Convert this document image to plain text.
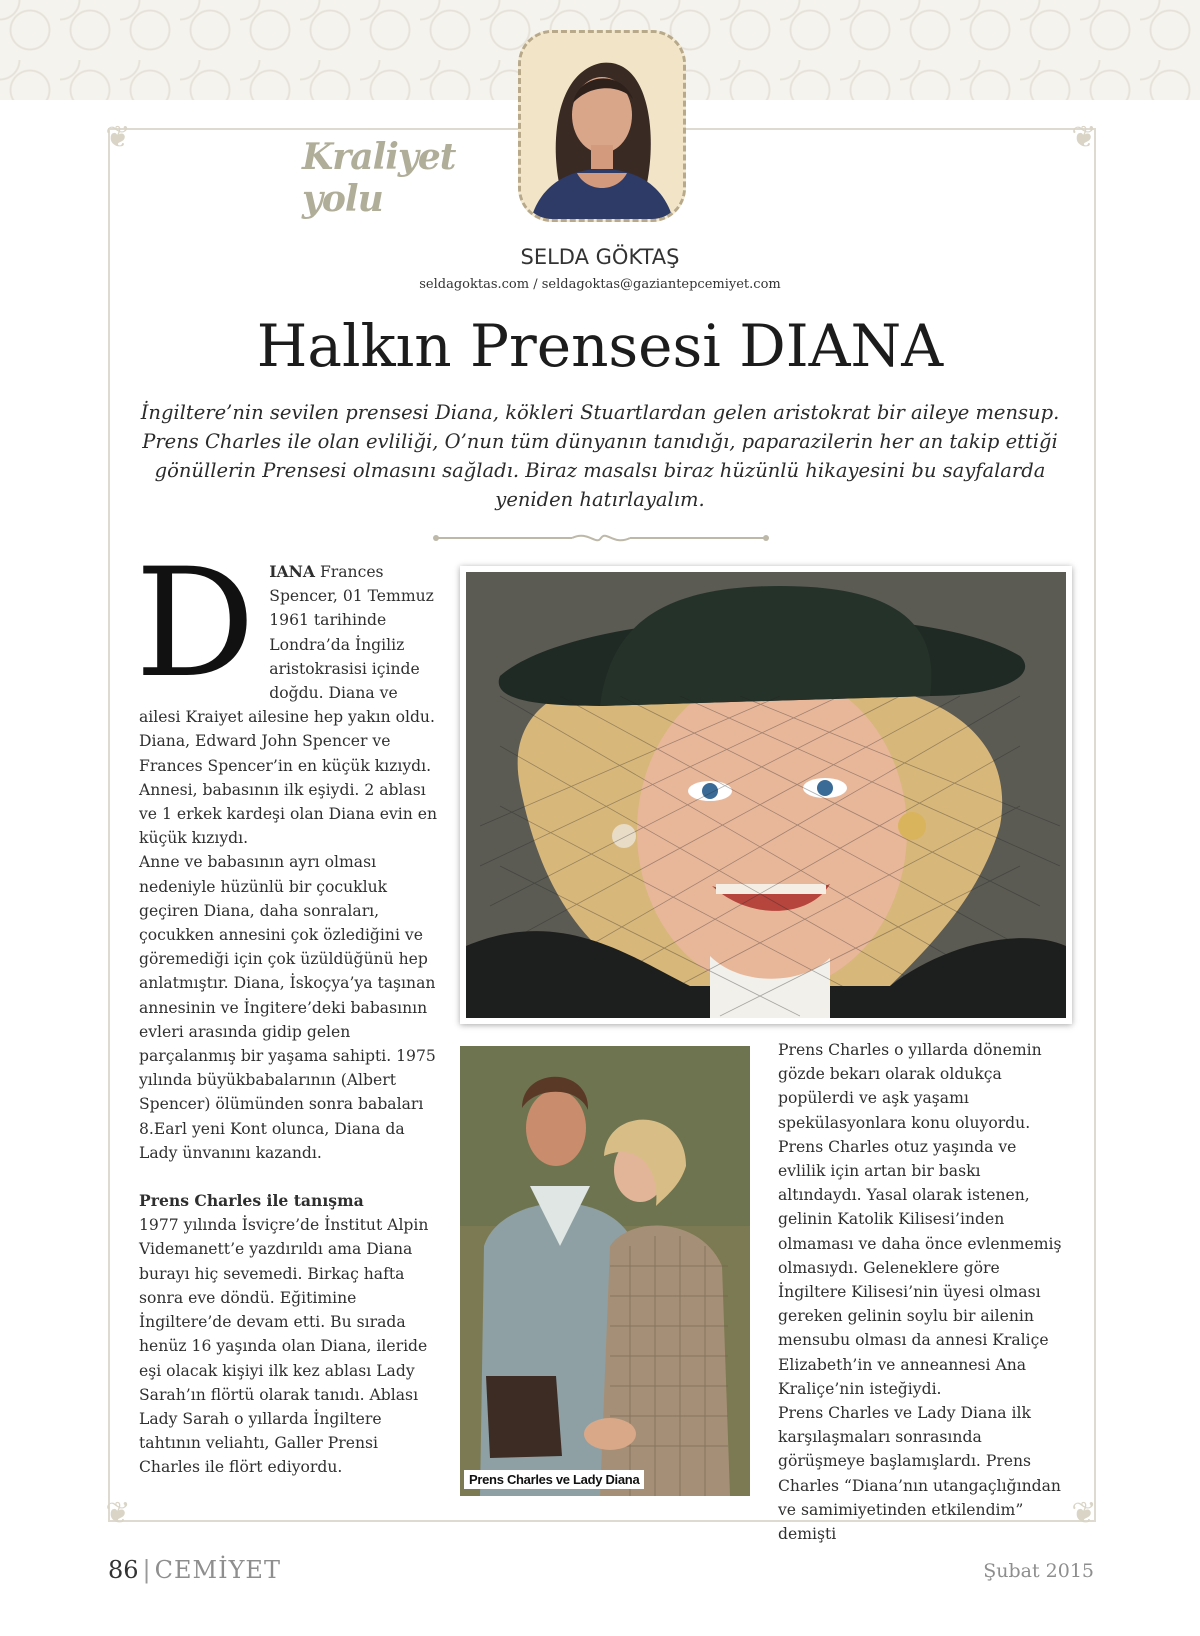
❦	❦
❦	❦
Kraliyet yolu
SELDA GÖKTAŞ
seldagoktas.com / seldagoktas@gaziantepcemiyet.com
Halkın Prensesi DIANA
İngiltere’nin sevilen prensesi Diana, kökleri Stuartlardan gelen aristokrat bir aileye mensup. Prens Charles ile olan evliliği, O’nun tüm dünyanın tanıdığı, paparazilerin her an takip ettiği gönüllerin Prensesi olmasını sağladı. Biraz masalsı biraz hüzünlü hikayesini bu sayfalarda yeniden hatırlayalım.
D IANA Frances Spencer, 01 Temmuz 1961 tarihinde Londra’da İngiliz aristokrasisi içinde doğdu. Diana ve ailesi Kraiyet ailesine hep yakın oldu. Diana, Edward John Spencer ve Frances Spencer’in en küçük kızıydı. Annesi, babasının ilk eşiydi. 2 ablası ve 1 erkek kardeşi olan Diana evin en küçük kızıydı.

Anne ve babasının ayrı olması nedeniyle hüzünlü bir çocukluk geçiren Diana, daha sonraları, çocukken annesini çok özlediğini ve göremediği için çok üzüldüğünü hep anlatmıştır. Diana, İskoçya’ya taşınan annesinin ve İngitere’deki babasının evleri arasında gidip gelen parçalanmış bir yaşama sahipti. 1975 yılında büyükbabalarının (Albert Spencer) ölümünden sonra babaları 8.Earl yeni Kont olunca, Diana da Lady ünvanını kazandı.

Prens Charles ile tanışma

1977 yılında İsviçre’de İnstitut Alpin Videmanett’e yazdırıldı ama Diana burayı hiç sevemedi. Birkaç hafta sonra eve döndü. Eğitimine İngiltere’de devam etti. Bu sırada henüz 16 yaşında olan Diana, ileride eşi olacak kişiyi ilk kez ablası Lady Sarah’ın flörtü olarak tanıdı. Ablası Lady Sarah o yıllarda İngiltere tahtının veliahtı, Galler Prensi Charles ile flört ediyordu.

Prens Charles ve Lady Diana

Prens Charles o yıllarda dönemin gözde bekarı olarak oldukça popülerdi ve aşk yaşamı spekülasyonlara konu oluyordu. Prens Charles otuz yaşında ve evlilik için artan bir baskı altındaydı. Yasal olarak istenen, gelinin Katolik Kilisesi’inden olmaması ve daha önce evlenmemiş olmasıydı. Geleneklere göre İngiltere Kilisesi’nin üyesi olması gereken gelinin soylu bir ailenin mensubu olması da annesi Kraliçe Elizabeth’in ve anneannesi Ana Kraliçe’nin isteğiydi.

Prens Charles ve Lady Diana ilk karşılaşmaları sonrasında görüşmeye başlamışlardı. Prens Charles “Diana’nın utangaçlığından ve samimiyetinden etkilendim” demişti

86 | CEMİYET	Şubat 2015
